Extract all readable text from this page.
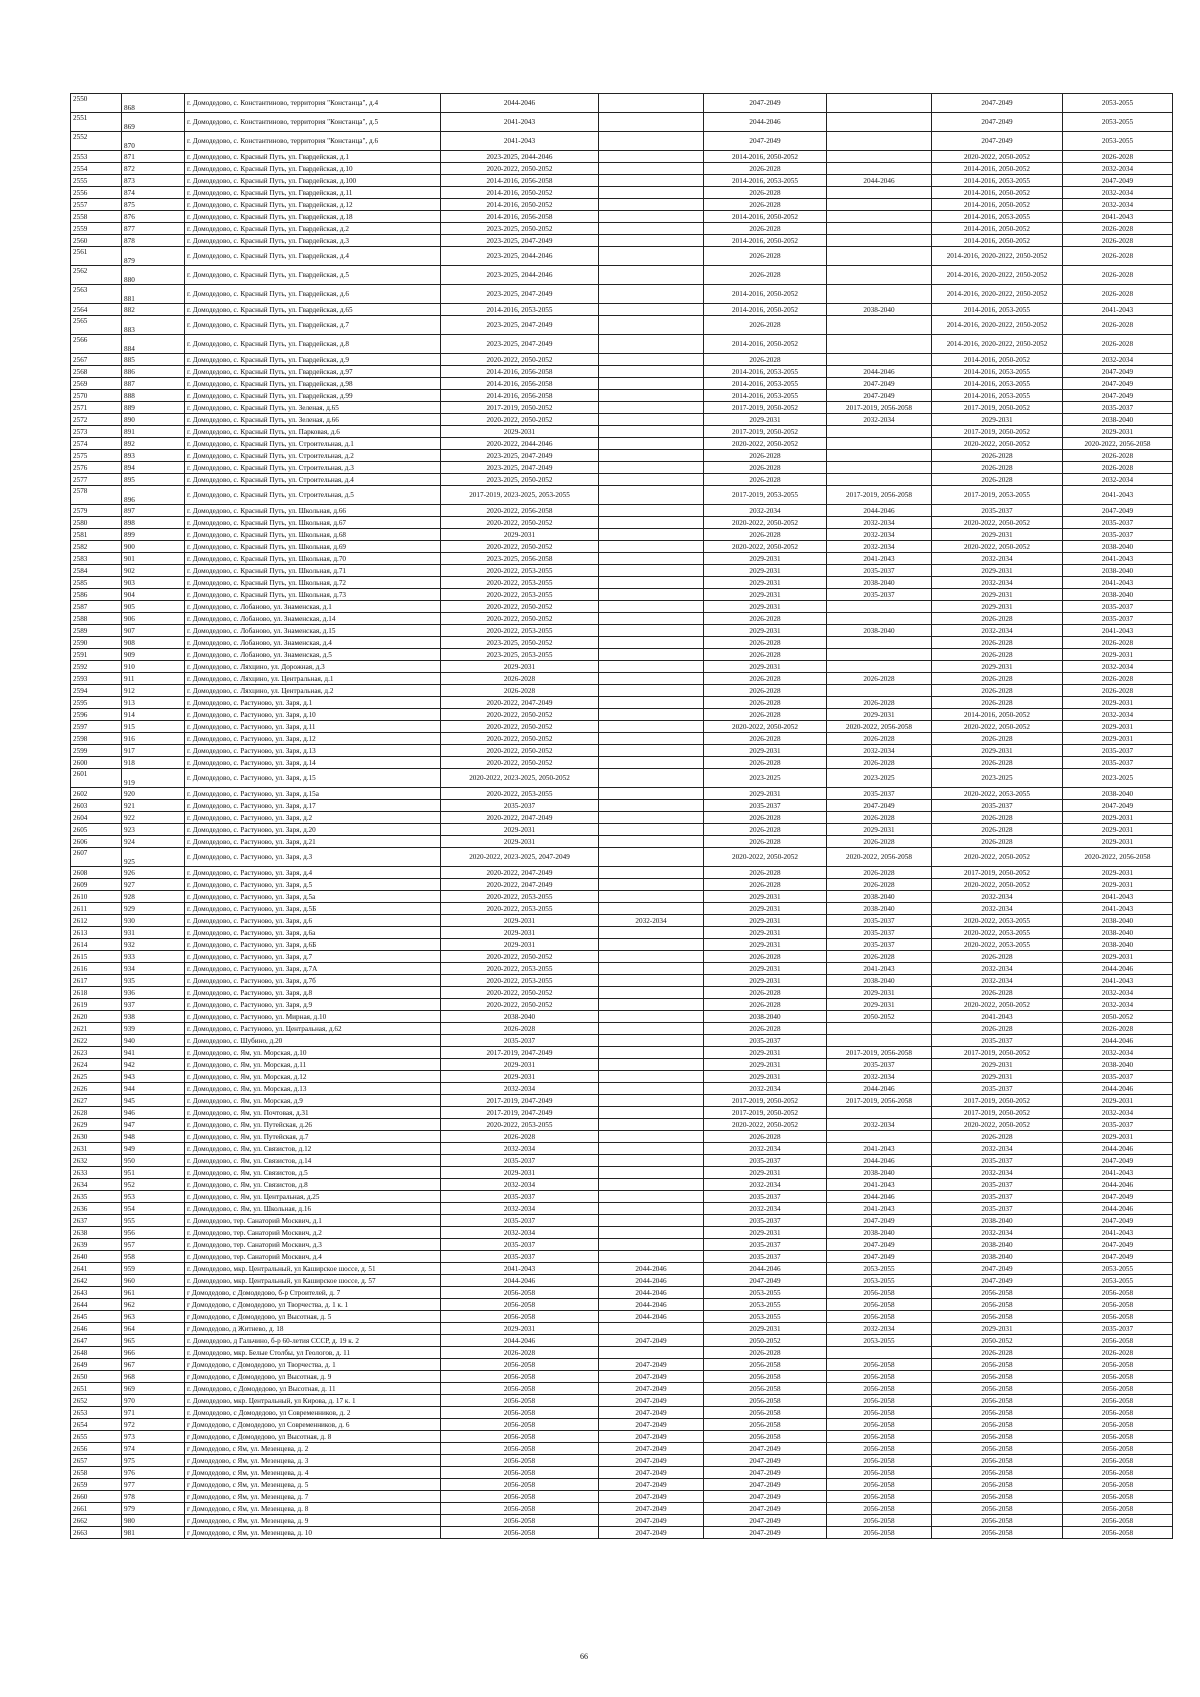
2550	868	г. Домодедово, с. Константиново, территория "Констанца", д.4	2044-2046		2047-2049		2047-2049	2053-2055
2551	869	г. Домодедово, с. Константиново, территория "Констанца", д.5	2041-2043		2044-2046		2047-2049	2053-2055
2552	870	г. Домодедово, с. Константиново, территория "Констанца", д.6	2041-2043		2047-2049		2047-2049	2053-2055
2553	871	г. Домодедово, с. Красный Путь, ул. Гвардейская, д.1	2023-2025, 2044-2046		2014-2016, 2050-2052		2020-2022, 2050-2052	2026-2028
2554	872	г. Домодедово, с. Красный Путь, ул. Гвардейская, д.10	2020-2022, 2050-2052		2026-2028		2014-2016, 2050-2052	2032-2034
2555	873	г. Домодедово, с. Красный Путь, ул. Гвардейская, д.100	2014-2016, 2056-2058		2014-2016, 2053-2055	2044-2046	2014-2016, 2053-2055	2047-2049
2556	874	г. Домодедово, с. Красный Путь, ул. Гвардейская, д.11	2014-2016, 2050-2052		2026-2028		2014-2016, 2050-2052	2032-2034
2557	875	г. Домодедово, с. Красный Путь, ул. Гвардейская, д.12	2014-2016, 2050-2052		2026-2028		2014-2016, 2050-2052	2032-2034
2558	876	г. Домодедово, с. Красный Путь, ул. Гвардейская, д.18	2014-2016, 2056-2058		2014-2016, 2050-2052		2014-2016, 2053-2055	2041-2043
2559	877	г. Домодедово, с. Красный Путь, ул. Гвардейская, д.2	2023-2025, 2050-2052		2026-2028		2014-2016, 2050-2052	2026-2028
2560	878	г. Домодедово, с. Красный Путь, ул. Гвардейская, д.3	2023-2025, 2047-2049		2014-2016, 2050-2052		2014-2016, 2050-2052	2026-2028
2561	879	г. Домодедово, с. Красный Путь, ул. Гвардейская, д.4	2023-2025, 2044-2046		2026-2028		2014-2016, 2020-2022, 2050-2052	2026-2028
2562	880	г. Домодедово, с. Красный Путь, ул. Гвардейская, д.5	2023-2025, 2044-2046		2026-2028		2014-2016, 2020-2022, 2050-2052	2026-2028
2563	881	г. Домодедово, с. Красный Путь, ул. Гвардейская, д.6	2023-2025, 2047-2049		2014-2016, 2050-2052		2014-2016, 2020-2022, 2050-2052	2026-2028
2564	882	г. Домодедово, с. Красный Путь, ул. Гвардейская, д.65	2014-2016, 2053-2055		2014-2016, 2050-2052	2038-2040	2014-2016, 2053-2055	2041-2043
2565	883	г. Домодедово, с. Красный Путь, ул. Гвардейская, д.7	2023-2025, 2047-2049		2026-2028		2014-2016, 2020-2022, 2050-2052	2026-2028
2566	884	г. Домодедово, с. Красный Путь, ул. Гвардейская, д.8	2023-2025, 2047-2049		2014-2016, 2050-2052		2014-2016, 2020-2022, 2050-2052	2026-2028
2567	885	г. Домодедово, с. Красный Путь, ул. Гвардейская, д.9	2020-2022, 2050-2052		2026-2028		2014-2016, 2050-2052	2032-2034
2568	886	г. Домодедово, с. Красный Путь, ул. Гвардейская, д.97	2014-2016, 2056-2058		2014-2016, 2053-2055	2044-2046	2014-2016, 2053-2055	2047-2049
2569	887	г. Домодедово, с. Красный Путь, ул. Гвардейская, д.98	2014-2016, 2056-2058		2014-2016, 2053-2055	2047-2049	2014-2016, 2053-2055	2047-2049
2570	888	г. Домодедово, с. Красный Путь, ул. Гвардейская, д.99	2014-2016, 2056-2058		2014-2016, 2053-2055	2047-2049	2014-2016, 2053-2055	2047-2049
2571	889	г. Домодедово, с. Красный Путь, ул. Зеленая, д.65	2017-2019, 2050-2052		2017-2019, 2050-2052	2017-2019, 2056-2058	2017-2019, 2050-2052	2035-2037
2572	890	г. Домодедово, с. Красный Путь, ул. Зеленая, д.66	2020-2022, 2050-2052		2029-2031	2032-2034	2029-2031	2038-2040
2573	891	г. Домодедово, с. Красный Путь, ул. Парковая, д.6	2029-2031		2017-2019, 2050-2052		2017-2019, 2050-2052	2029-2031
2574	892	г. Домодедово, с. Красный Путь, ул. Строительная, д.1	2020-2022, 2044-2046		2020-2022, 2050-2052		2020-2022, 2050-2052	2020-2022, 2056-2058
2575	893	г. Домодедово, с. Красный Путь, ул. Строительная, д.2	2023-2025, 2047-2049		2026-2028		2026-2028	2026-2028
2576	894	г. Домодедово, с. Красный Путь, ул. Строительная, д.3	2023-2025, 2047-2049		2026-2028		2026-2028	2026-2028
2577	895	г. Домодедово, с. Красный Путь, ул. Строительная, д.4	2023-2025, 2050-2052		2026-2028		2026-2028	2032-2034
2578	896	г. Домодедово, с. Красный Путь, ул. Строительная, д.5	2017-2019, 2023-2025, 2053-2055		2017-2019, 2053-2055	2017-2019, 2056-2058	2017-2019, 2053-2055	2041-2043
2579	897	г. Домодедово, с. Красный Путь, ул. Школьная, д.66	2020-2022, 2056-2058		2032-2034	2044-2046	2035-2037	2047-2049
2580	898	г. Домодедово, с. Красный Путь, ул. Школьная, д.67	2020-2022, 2050-2052		2020-2022, 2050-2052	2032-2034	2020-2022, 2050-2052	2035-2037
2581	899	г. Домодедово, с. Красный Путь, ул. Школьная, д.68	2029-2031		2026-2028	2032-2034	2029-2031	2035-2037
2582	900	г. Домодедово, с. Красный Путь, ул. Школьная, д.69	2020-2022, 2050-2052		2020-2022, 2050-2052	2032-2034	2020-2022, 2050-2052	2038-2040
2583	901	г. Домодедово, с. Красный Путь, ул. Школьная, д.70	2023-2025, 2056-2058		2029-2031	2041-2043	2032-2034	2041-2043
2584	902	г. Домодедово, с. Красный Путь, ул. Школьная, д.71	2020-2022, 2053-2055		2029-2031	2035-2037	2029-2031	2038-2040
2585	903	г. Домодедово, с. Красный Путь, ул. Школьная, д.72	2020-2022, 2053-2055		2029-2031	2038-2040	2032-2034	2041-2043
2586	904	г. Домодедово, с. Красный Путь, ул. Школьная, д.73	2020-2022, 2053-2055		2029-2031	2035-2037	2029-2031	2038-2040
2587	905	г. Домодедово, с. Лобаново, ул. Знаменская, д.1	2020-2022, 2050-2052		2029-2031		2029-2031	2035-2037
2588	906	г. Домодедово, с. Лобаново, ул. Знаменская, д.14	2020-2022, 2050-2052		2026-2028		2026-2028	2035-2037
2589	907	г. Домодедово, с. Лобаново, ул. Знаменская, д.15	2020-2022, 2053-2055		2029-2031	2038-2040	2032-2034	2041-2043
2590	908	г. Домодедово, с. Лобаново, ул. Знаменская, д.4	2023-2025, 2050-2052		2026-2028		2026-2028	2026-2028
2591	909	г. Домодедово, с. Лобаново, ул. Знаменская, д.5	2023-2025, 2053-2055		2026-2028		2026-2028	2029-2031
2592	910	г. Домодедово, с. Ляхцино, ул. Дорожная, д.3	2029-2031		2029-2031		2029-2031	2032-2034
2593	911	г. Домодедово, с. Ляхцино, ул. Центральная, д.1	2026-2028		2026-2028	2026-2028	2026-2028	2026-2028
2594	912	г. Домодедово, с. Ляхцино, ул. Центральная, д.2	2026-2028		2026-2028		2026-2028	2026-2028
2595	913	г. Домодедово, с. Растуново, ул. Заря, д.1	2020-2022, 2047-2049		2026-2028	2026-2028	2026-2028	2029-2031
2596	914	г. Домодедово, с. Растуново, ул. Заря, д.10	2020-2022, 2050-2052		2026-2028	2029-2031	2014-2016, 2050-2052	2032-2034
2597	915	г. Домодедово, с. Растуново, ул. Заря, д.11	2020-2022, 2050-2052		2020-2022, 2050-2052	2020-2022, 2056-2058	2020-2022, 2050-2052	2029-2031
2598	916	г. Домодедово, с. Растуново, ул. Заря, д.12	2020-2022, 2050-2052		2026-2028	2026-2028	2026-2028	2029-2031
2599	917	г. Домодедово, с. Растуново, ул. Заря, д.13	2020-2022, 2050-2052		2029-2031	2032-2034	2029-2031	2035-2037
2600	918	г. Домодедово, с. Растуново, ул. Заря, д.14	2020-2022, 2050-2052		2026-2028	2026-2028	2026-2028	2035-2037
2601	919	г. Домодедово, с. Растуново, ул. Заря, д.15	2020-2022, 2023-2025, 2050-2052		2023-2025	2023-2025	2023-2025	2023-2025
2602	920	г. Домодедово, с. Растуново, ул. Заря, д.15а	2020-2022, 2053-2055		2029-2031	2035-2037	2020-2022, 2053-2055	2038-2040
2603	921	г. Домодедово, с. Растуново, ул. Заря, д.17	2035-2037		2035-2037	2047-2049	2035-2037	2047-2049
2604	922	г. Домодедово, с. Растуново, ул. Заря, д.2	2020-2022, 2047-2049		2026-2028	2026-2028	2026-2028	2029-2031
2605	923	г. Домодедово, с. Растуново, ул. Заря, д.20	2029-2031		2026-2028	2029-2031	2026-2028	2029-2031
2606	924	г. Домодедово, с. Растуново, ул. Заря, д.21	2029-2031		2026-2028	2026-2028	2026-2028	2029-2031
2607	925	г. Домодедово, с. Растуново, ул. Заря, д.3	2020-2022, 2023-2025, 2047-2049		2020-2022, 2050-2052	2020-2022, 2056-2058	2020-2022, 2050-2052	2020-2022, 2056-2058
2608	926	г. Домодедово, с. Растуново, ул. Заря, д.4	2020-2022, 2047-2049		2026-2028	2026-2028	2017-2019, 2050-2052	2029-2031
2609	927	г. Домодедово, с. Растуново, ул. Заря, д.5	2020-2022, 2047-2049		2026-2028	2026-2028	2020-2022, 2050-2052	2029-2031
2610	928	г. Домодедово, с. Растуново, ул. Заря, д.5а	2020-2022, 2053-2055		2029-2031	2038-2040	2032-2034	2041-2043
2611	929	г. Домодедово, с. Растуново, ул. Заря, д.5Б	2020-2022, 2053-2055		2029-2031	2038-2040	2032-2034	2041-2043
2612	930	г. Домодедово, с. Растуново, ул. Заря, д.6	2029-2031	2032-2034	2029-2031	2035-2037	2020-2022, 2053-2055	2038-2040
2613	931	г. Домодедово, с. Растуново, ул. Заря, д.6а	2029-2031		2029-2031	2035-2037	2020-2022, 2053-2055	2038-2040
2614	932	г. Домодедово, с. Растуново, ул. Заря, д.6Б	2029-2031		2029-2031	2035-2037	2020-2022, 2053-2055	2038-2040
2615	933	г. Домодедово, с. Растуново, ул. Заря, д.7	2020-2022, 2050-2052		2026-2028	2026-2028	2026-2028	2029-2031
2616	934	г. Домодедово, с. Растуново, ул. Заря, д.7А	2020-2022, 2053-2055		2029-2031	2041-2043	2032-2034	2044-2046
2617	935	г. Домодедово, с. Растуново, ул. Заря, д.7б	2020-2022, 2053-2055		2029-2031	2038-2040	2032-2034	2041-2043
2618	936	г. Домодедово, с. Растуново, ул. Заря, д.8	2020-2022, 2050-2052		2026-2028	2029-2031	2026-2028	2032-2034
2619	937	г. Домодедово, с. Растуново, ул. Заря, д.9	2020-2022, 2050-2052		2026-2028	2029-2031	2020-2022, 2050-2052	2032-2034
2620	938	г. Домодедово, с. Растуново, ул. Мирная, д.10	2038-2040		2038-2040	2050-2052	2041-2043	2050-2052
2621	939	г. Домодедово, с. Растуново, ул. Центральная, д.62	2026-2028		2026-2028		2026-2028	2026-2028
2622	940	г. Домодедово, с. Шубино, д.20	2035-2037		2035-2037		2035-2037	2044-2046
2623	941	г. Домодедово, с. Ям, ул. Морская, д.10	2017-2019, 2047-2049		2029-2031	2017-2019, 2056-2058	2017-2019, 2050-2052	2032-2034
2624	942	г. Домодедово, с. Ям, ул. Морская, д.11	2029-2031		2029-2031	2035-2037	2029-2031	2038-2040
2625	943	г. Домодедово, с. Ям, ул. Морская, д.12	2029-2031		2029-2031	2032-2034	2029-2031	2035-2037
2626	944	г. Домодедово, с. Ям, ул. Морская, д.13	2032-2034		2032-2034	2044-2046	2035-2037	2044-2046
2627	945	г. Домодедово, с. Ям, ул. Морская, д.9	2017-2019, 2047-2049		2017-2019, 2050-2052	2017-2019, 2056-2058	2017-2019, 2050-2052	2029-2031
2628	946	г. Домодедово, с. Ям, ул. Почтовая, д.31	2017-2019, 2047-2049		2017-2019, 2050-2052		2017-2019, 2050-2052	2032-2034
2629	947	г. Домодедово, с. Ям, ул. Путейская, д.26	2020-2022, 2053-2055		2020-2022, 2050-2052	2032-2034	2020-2022, 2050-2052	2035-2037
2630	948	г. Домодедово, с. Ям, ул. Путейская, д.7	2026-2028		2026-2028		2026-2028	2029-2031
2631	949	г. Домодедово, с. Ям, ул. Связистов, д.12	2032-2034		2032-2034	2041-2043	2032-2034	2044-2046
2632	950	г. Домодедово, с. Ям, ул. Связистов, д.14	2035-2037		2035-2037	2044-2046	2035-2037	2047-2049
2633	951	г. Домодедово, с. Ям, ул. Связистов, д.5	2029-2031		2029-2031	2038-2040	2032-2034	2041-2043
2634	952	г. Домодедово, с. Ям, ул. Связистов, д.8	2032-2034		2032-2034	2041-2043	2035-2037	2044-2046
2635	953	г. Домодедово, с. Ям, ул. Центральная, д.25	2035-2037		2035-2037	2044-2046	2035-2037	2047-2049
2636	954	г. Домодедово, с. Ям, ул. Школьная, д.16	2032-2034		2032-2034	2041-2043	2035-2037	2044-2046
2637	955	г. Домодедово, тер. Санаторий Москвич, д.1	2035-2037		2035-2037	2047-2049	2038-2040	2047-2049
2638	956	г. Домодедово, тер. Санаторий Москвич, д.2	2032-2034		2029-2031	2038-2040	2032-2034	2041-2043
2639	957	г. Домодедово, тер. Санаторий Москвич, д.3	2035-2037		2035-2037	2047-2049	2038-2040	2047-2049
2640	958	г. Домодедово, тер. Санаторий Москвич, д.4	2035-2037		2035-2037	2047-2049	2038-2040	2047-2049
2641	959	г. Домодедово, мкр. Центральный, ул Каширское шоссе, д. 51	2041-2043	2044-2046	2044-2046	2053-2055	2047-2049	2053-2055
2642	960	г. Домодедово, мкр. Центральный, ул Каширское шоссе, д. 57	2044-2046	2044-2046	2047-2049	2053-2055	2047-2049	2053-2055
2643	961	г Домодедово, с Домодедово, б-р Строителей, д. 7	2056-2058	2044-2046	2053-2055	2056-2058	2056-2058	2056-2058
2644	962	г Домодедово, с Домодедово, ул Творчества, д. 1 к. 1	2056-2058	2044-2046	2053-2055	2056-2058	2056-2058	2056-2058
2645	963	г Домодедово, с Домодедово, ул Высотная, д. 5	2056-2058	2044-2046	2053-2055	2056-2058	2056-2058	2056-2058
2646	964	г Домодедово, д Житнево, д. 18	2029-2031		2029-2031	2032-2034	2029-2031	2035-2037
2647	965	г. Домодедово, д Гальчино, б-р 60-летия СССР, д. 19 к. 2	2044-2046	2047-2049	2050-2052	2053-2055	2050-2052	2056-2058
2648	966	г. Домодедово, мкр. Белые Столбы, ул Геологов, д. 11	2026-2028		2026-2028		2026-2028	2026-2028
2649	967	г Домодедово, с Домодедово, ул Творчества, д. 1	2056-2058	2047-2049	2056-2058	2056-2058	2056-2058	2056-2058
2650	968	г Домодедово, с Домодедово, ул Высотная, д. 9	2056-2058	2047-2049	2056-2058	2056-2058	2056-2058	2056-2058
2651	969	г. Домодедово, с Домодедово, ул Высотная, д. 11	2056-2058	2047-2049	2056-2058	2056-2058	2056-2058	2056-2058
2652	970	г. Домодедово, мкр. Центральный, ул Кирова, д. 17 к. 1	2056-2058	2047-2049	2056-2058	2056-2058	2056-2058	2056-2058
2653	971	г. Домодедово, с Домодедово, ул Современников, д. 2	2056-2058	2047-2049	2056-2058	2056-2058	2056-2058	2056-2058
2654	972	г Домодедово, с Домодедово, ул Современников, д. 6	2056-2058	2047-2049	2056-2058	2056-2058	2056-2058	2056-2058
2655	973	г Домодедово, с Домодедово, ул Высотная, д. 8	2056-2058	2047-2049	2056-2058	2056-2058	2056-2058	2056-2058
2656	974	г Домодедово, с Ям, ул. Мезенцева, д. 2	2056-2058	2047-2049	2047-2049	2056-2058	2056-2058	2056-2058
2657	975	г Домодедово, с Ям, ул. Мезенцева, д. 3	2056-2058	2047-2049	2047-2049	2056-2058	2056-2058	2056-2058
2658	976	г Домодедово, с Ям, ул. Мезенцева, д. 4	2056-2058	2047-2049	2047-2049	2056-2058	2056-2058	2056-2058
2659	977	г Домодедово, с Ям, ул. Мезенцева, д. 5	2056-2058	2047-2049	2047-2049	2056-2058	2056-2058	2056-2058
2660	978	г Домодедово, с Ям, ул. Мезенцева, д. 7	2056-2058	2047-2049	2047-2049	2056-2058	2056-2058	2056-2058
2661	979	г Домодедово, с Ям, ул. Мезенцева, д. 8	2056-2058	2047-2049	2047-2049	2056-2058	2056-2058	2056-2058
2662	980	г Домодедово, с Ям, ул. Мезенцева, д. 9	2056-2058	2047-2049	2047-2049	2056-2058	2056-2058	2056-2058
2663	981	г Домодедово, с Ям, ул. Мезенцева, д. 10	2056-2058	2047-2049	2047-2049	2056-2058	2056-2058	2056-2058
66
